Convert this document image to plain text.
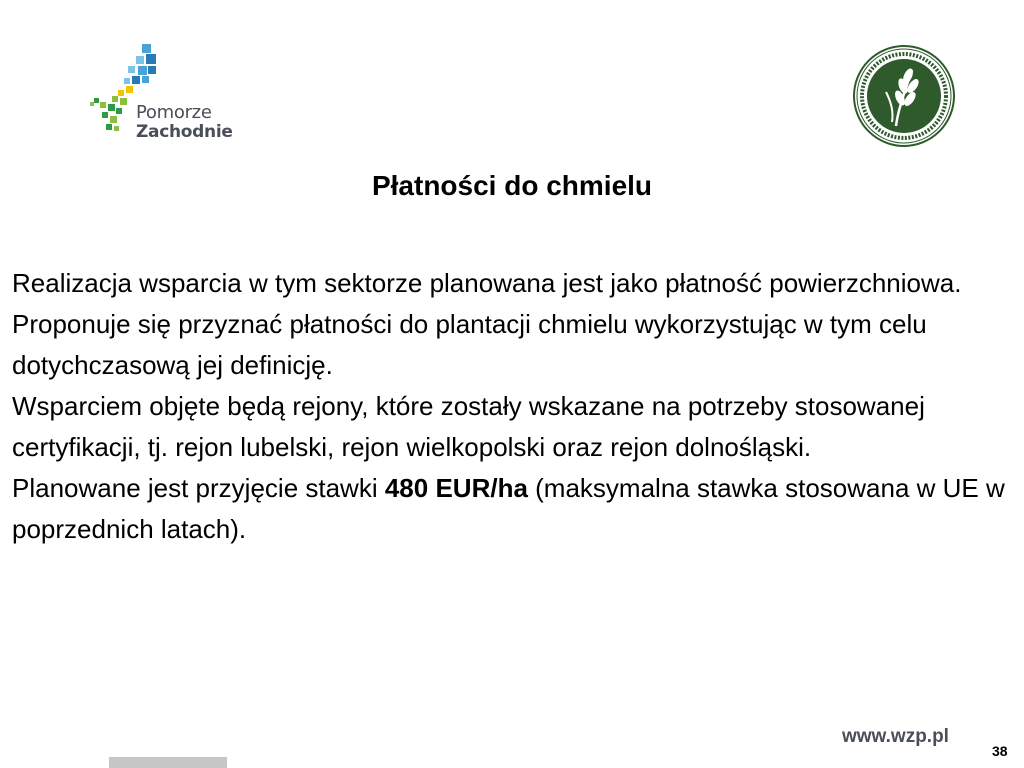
Pomorze
Zachodnie
Płatności do chmielu

Realizacja wsparcia w tym sektorze planowana jest jako płatność powierzchniowa. Proponuje się przyznać płatności do plantacji chmielu wykorzystując w tym celu dotychczasową jej definicję.

Wsparciem objęte będą rejony, które zostały wskazane na potrzeby stosowanej certyfikacji, tj. rejon lubelski, rejon wielkopolski oraz rejon dolnośląski.

Planowane jest przyjęcie stawki 480 EUR/ha (maksymalna stawka stosowana w UE w poprzednich latach).

www.wzp.pl
38
